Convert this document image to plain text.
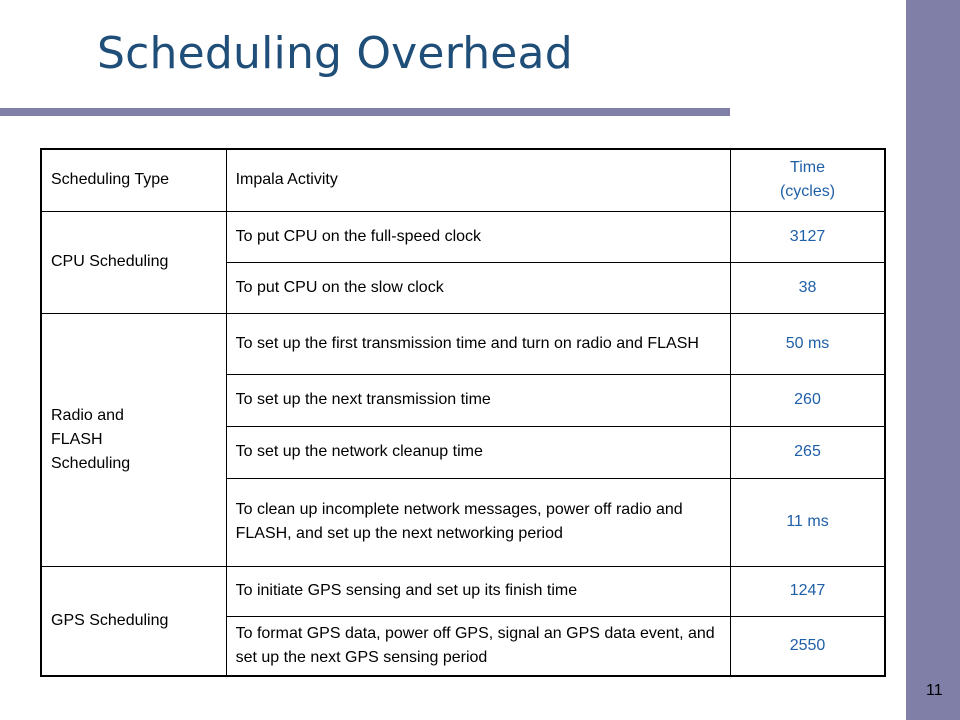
Scheduling Overhead
Scheduling Type	Impala Activity	Time (cycles)
CPU Scheduling	To put CPU on the full-speed clock	3127
	To put CPU on the slow clock	38
Radio and FLASH Scheduling	To set up the first transmission time and turn on radio and FLASH	50 ms
	To set up the next transmission time	260
	To set up the network cleanup time	265
	To clean up incomplete network messages, power off radio and FLASH, and set up the next networking period	11 ms
GPS Scheduling	To initiate GPS sensing and set up its finish time	1247
	To format GPS data, power off GPS, signal an GPS data event, and set up the next GPS sensing period	2550
11
